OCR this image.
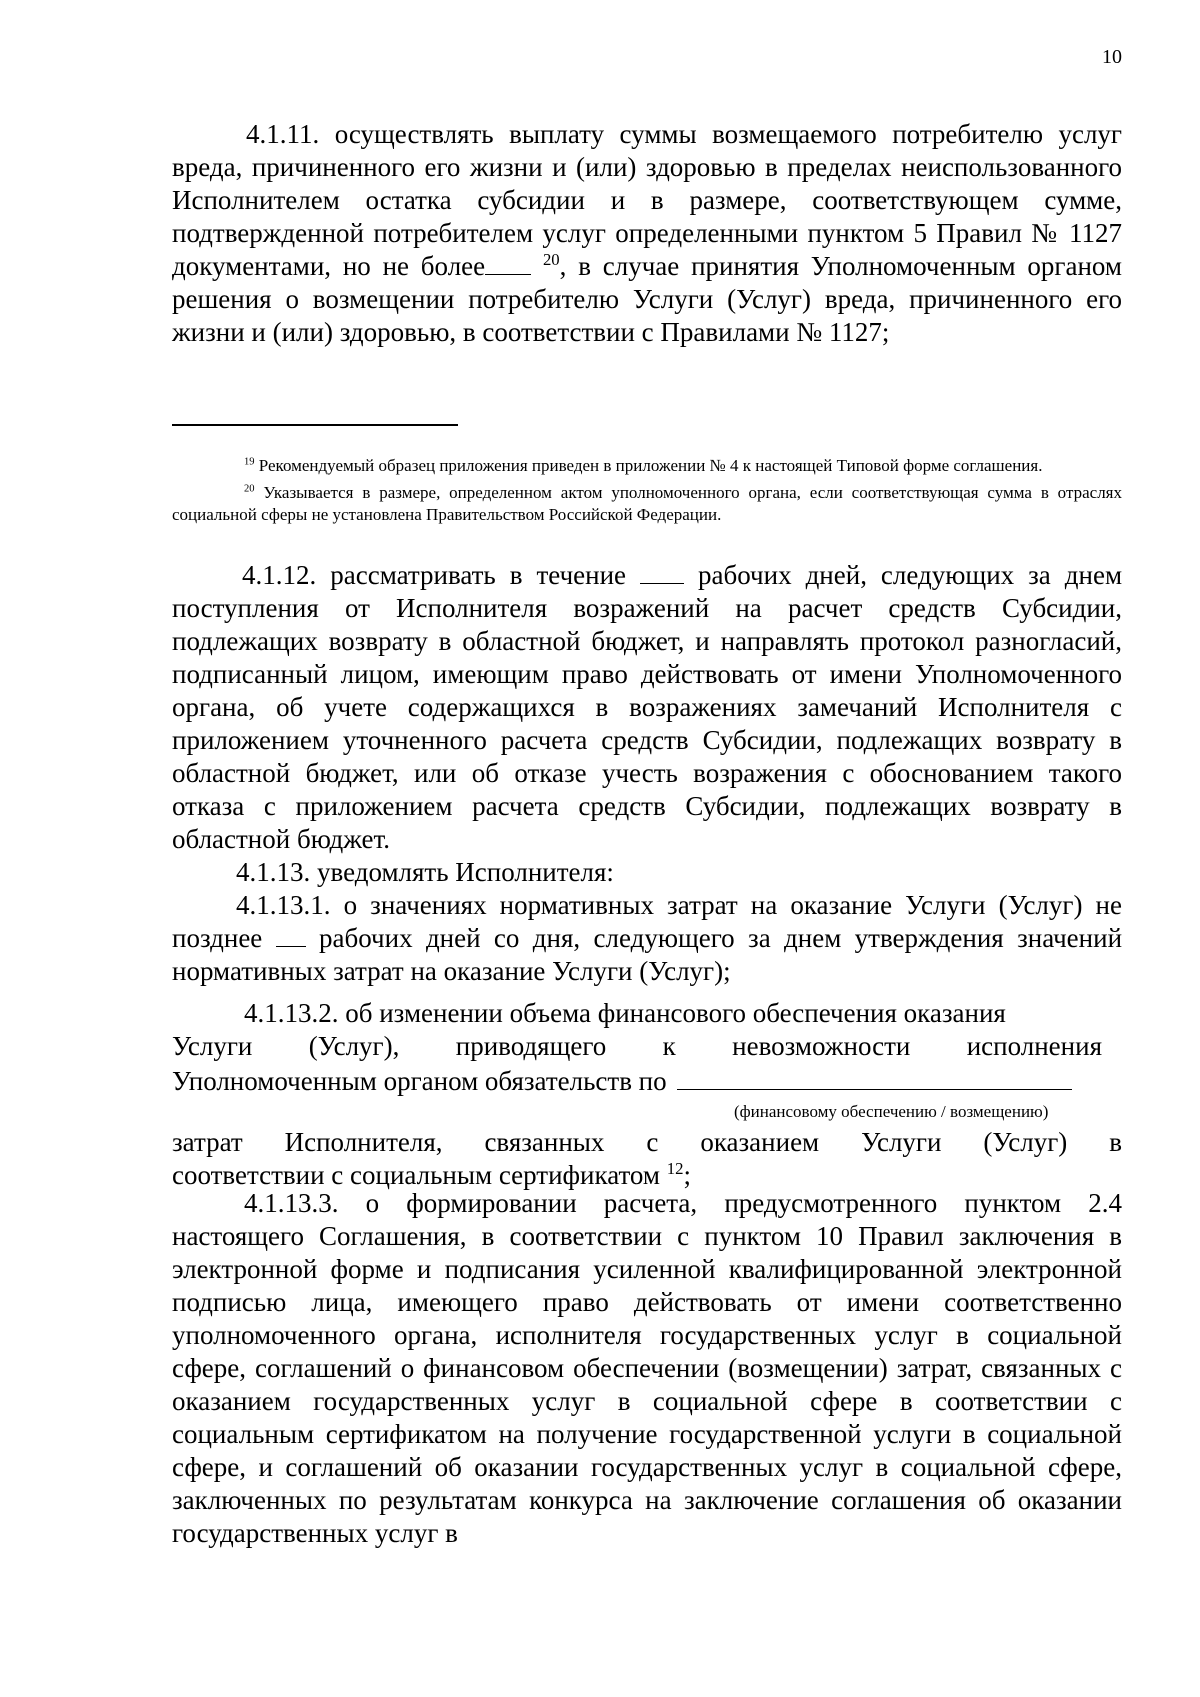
10

4.1.11. осуществлять выплату суммы возмещаемого потребителю услуг вреда, причиненного его жизни и (или) здоровью в пределах неиспользованного Исполнителем остатка субсидии и в размере, соответствующем сумме, подтвержденной потребителем услуг определенными пунктом 5 Правил № 1127 документами, но не более	$^{20}$, в случае принятия Уполномоченным органом решения о возмещении потребителю Услуги (Услуг) вреда, причиненного его жизни и (или) здоровью, в соответствии с Правилами № 1127;

$^{19}$ Рекомендуемый образец приложения приведен в приложении № 4 к настоящей Типовой форме соглашения.

$^{20}$ Указывается в размере, определенном актом уполномоченного органа, если соответствующая сумма в отраслях социальной сферы не установлена Правительством Российской Федерации.

4.1.12. рассматривать в течение	рабочих дней, следующих за днем поступления от Исполнителя возражений на расчет средств Субсидии, подлежащих возврату в областной бюджет, и направлять протокол разногласий, подписанный лицом, имеющим право действовать от имени Уполномоченного органа, об учете содержащихся в возражениях замечаний Исполнителя с приложением уточненного расчета средств Субсидии, подлежащих возврату в областной бюджет, или об отказе учесть возражения с обоснованием такого отказа с приложением расчета средств Субсидии, подлежащих возврату в областной бюджет.

4.1.13. уведомлять Исполнителя:

4.1.13.1. о значениях нормативных затрат на оказание Услуги (Услуг) не позднее рабочих дней со дня, следующего за днем утверждения значений нормативных затрат на оказание Услуги (Услуг);

4.1.13.2. об изменении объема финансового обеспечения оказания
Услуги (Услуг), приводящего к невозможности исполнения
Уполномоченным органом обязательств по
(финансовому обеспечению / возмещению)
затрат Исполнителя, связанных с оказанием Услуги (Услуг) в
соответствии с социальным сертификатом $^{12}$;

4.1.13.3. о формировании расчета, предусмотренного пунктом 2.4 настоящего Соглашения, в соответствии с пунктом 10 Правил заключения в электронной форме и подписания усиленной квалифицированной электронной подписью лица, имеющего право действовать от имени соответственно уполномоченного органа, исполнителя государственных услуг в социальной сфере, соглашений о финансовом обеспечении (возмещении) затрат, связанных с оказанием государственных услуг в социальной сфере в соответствии с социальным сертификатом на получение государственной услуги в социальной сфере, и соглашений об оказании государственных услуг в социальной сфере, заключенных по результатам конкурса на заключение соглашения об оказании государственных услуг в
